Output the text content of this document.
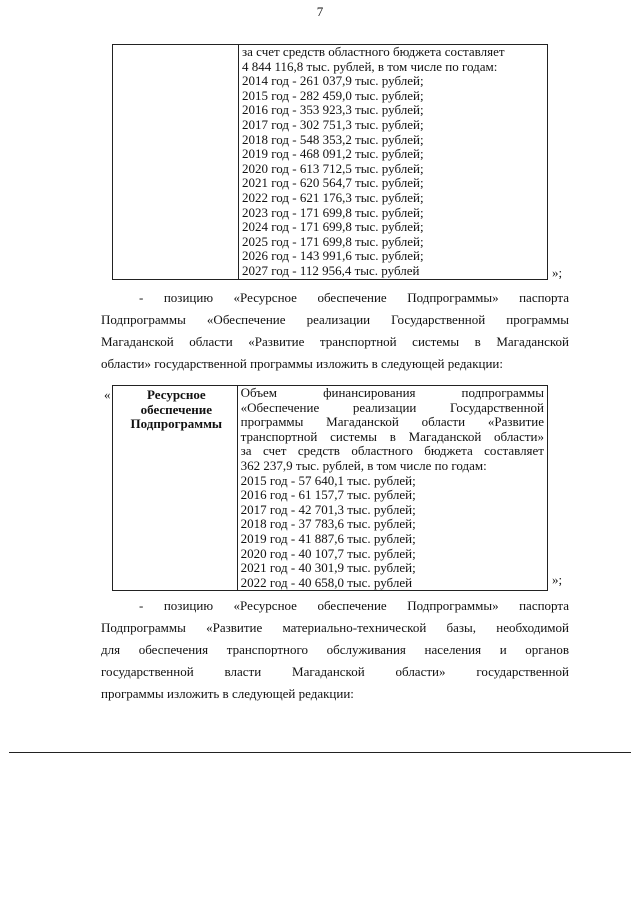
7

за счет средств областного бюджета составляет
4 844 116,8 тыс. рублей, в том числе по годам:
2014 год - 261 037,9 тыс. рублей;
2015 год - 282 459,0 тыс. рублей;
2016 год - 353 923,3 тыс. рублей;
2017 год - 302 751,3 тыс. рублей;
2018 год - 548 353,2 тыс. рублей;
2019 год - 468 091,2 тыс. рублей;
2020 год - 613 712,5 тыс. рублей;
2021 год - 620 564,7 тыс. рублей;
2022 год - 621 176,3 тыс. рублей;
2023 год - 171 699,8 тыс. рублей;
2024 год - 171 699,8 тыс. рублей;
2025 год - 171 699,8 тыс. рублей;
2026 год - 143 991,6 тыс. рублей;
2027 год - 112 956,4 тыс. рублей	»;
- позицию «Ресурсное обеспечение Подпрограммы» паспорта
Подпрограммы «Обеспечение реализации Государственной программы
Магаданской области «Развитие транспортной системы в Магаданской
области» государственной программы изложить в следующей редакции:
«	Ресурсное обеспечение Подпрограммы	
Объем финансирования подпрограммы
«Обеспечение реализации Государственной
программы Магаданской области «Развитие
транспортной системы в Магаданской области»
за счет средств областного бюджета составляет
362 237,9 тыс. рублей, в том числе по годам:
2015 год - 57 640,1 тыс. рублей;
2016 год - 61 157,7 тыс. рублей;
2017 год - 42 701,3 тыс. рублей;
2018 год - 37 783,6 тыс. рублей;
2019 год - 41 887,6 тыс. рублей;
2020 год - 40 107,7 тыс. рублей;
2021 год - 40 301,9 тыс. рублей;
2022 год - 40 658,0 тыс. рублей	»;
- позицию «Ресурсное обеспечение Подпрограммы» паспорта
Подпрограммы «Развитие материально-технической базы, необходимой
для обеспечения транспортного обслуживания населения и органов
государственной власти Магаданской области» государственной
программы изложить в следующей редакции:
